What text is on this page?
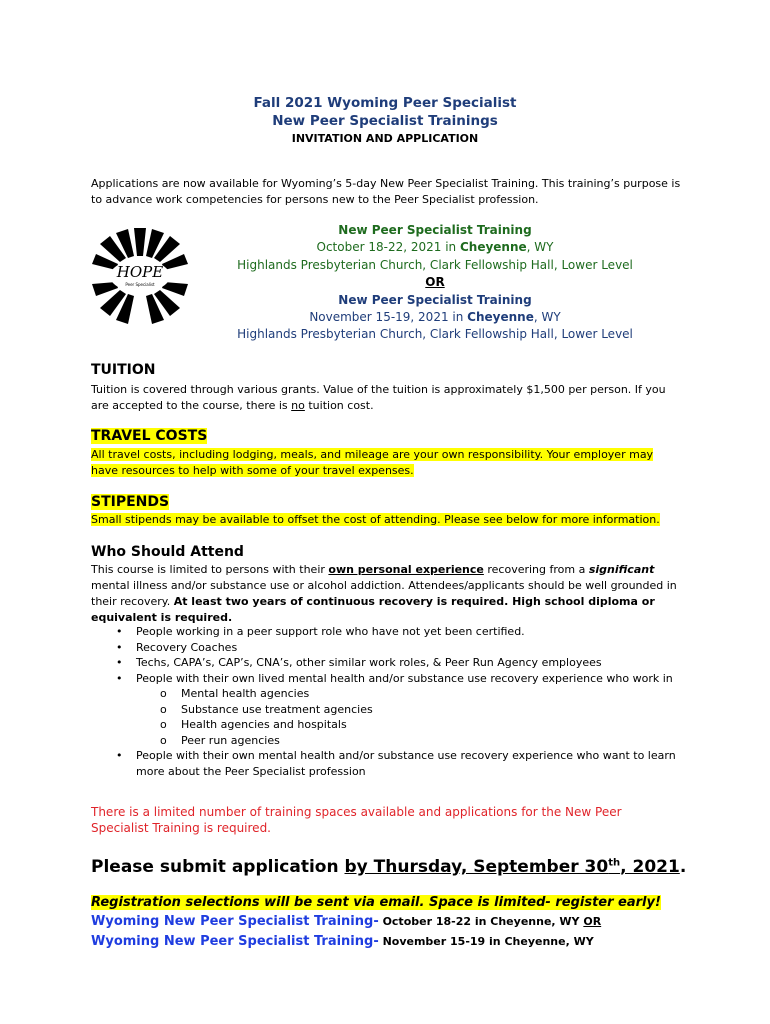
Fall 2021 Wyoming Peer Specialist
New Peer Specialist Trainings
INVITATION AND APPLICATION
Applications are now available for Wyoming’s 5-day New Peer Specialist Training. This training’s purpose is to advance work competencies for persons new to the Peer Specialist profession.
HOPE
Peer Specialist
New Peer Specialist Training
October 18-22, 2021 in Cheyenne, WY
Highlands Presbyterian Church, Clark Fellowship Hall, Lower Level
OR
New Peer Specialist Training
November 15-19, 2021 in Cheyenne, WY
Highlands Presbyterian Church, Clark Fellowship Hall, Lower Level
TUITION
Tuition is covered through various grants. Value of the tuition is approximately $1,500 per person. If you are accepted to the course, there is no tuition cost.
TRAVEL COSTS
All travel costs, including lodging, meals, and mileage are your own responsibility. Your employer may
have resources to help with some of your travel expenses.
STIPENDS
Small stipends may be available to offset the cost of attending. Please see below for more information.
Who Should Attend
This course is limited to persons with their own personal experience recovering from a significant mental illness and/or substance use or alcohol addiction. Attendees/applicants should be well grounded in their recovery. At least two years of continuous recovery is required. High school diploma or equivalent is required.
• People working in a peer support role who have not yet been certified.
• Recovery Coaches
• Techs, CAPA’s, CAP’s, CNA’s, other similar work roles, & Peer Run Agency employees
• People with their own lived mental health and/or substance use recovery experience who work in
o Mental health agencies
o Substance use treatment agencies
o Health agencies and hospitals
o Peer run agencies
• People with their own mental health and/or substance use recovery experience who want to learn more about the Peer Specialist profession
There is a limited number of training spaces available and applications for the New Peer Specialist Training is required.
Please submit application by Thursday, September 30th, 2021.
Registration selections will be sent via email. Space is limited- register early!
Wyoming New Peer Specialist Training- October 18-22 in Cheyenne, WY OR
Wyoming New Peer Specialist Training- November 15-19 in Cheyenne, WY
